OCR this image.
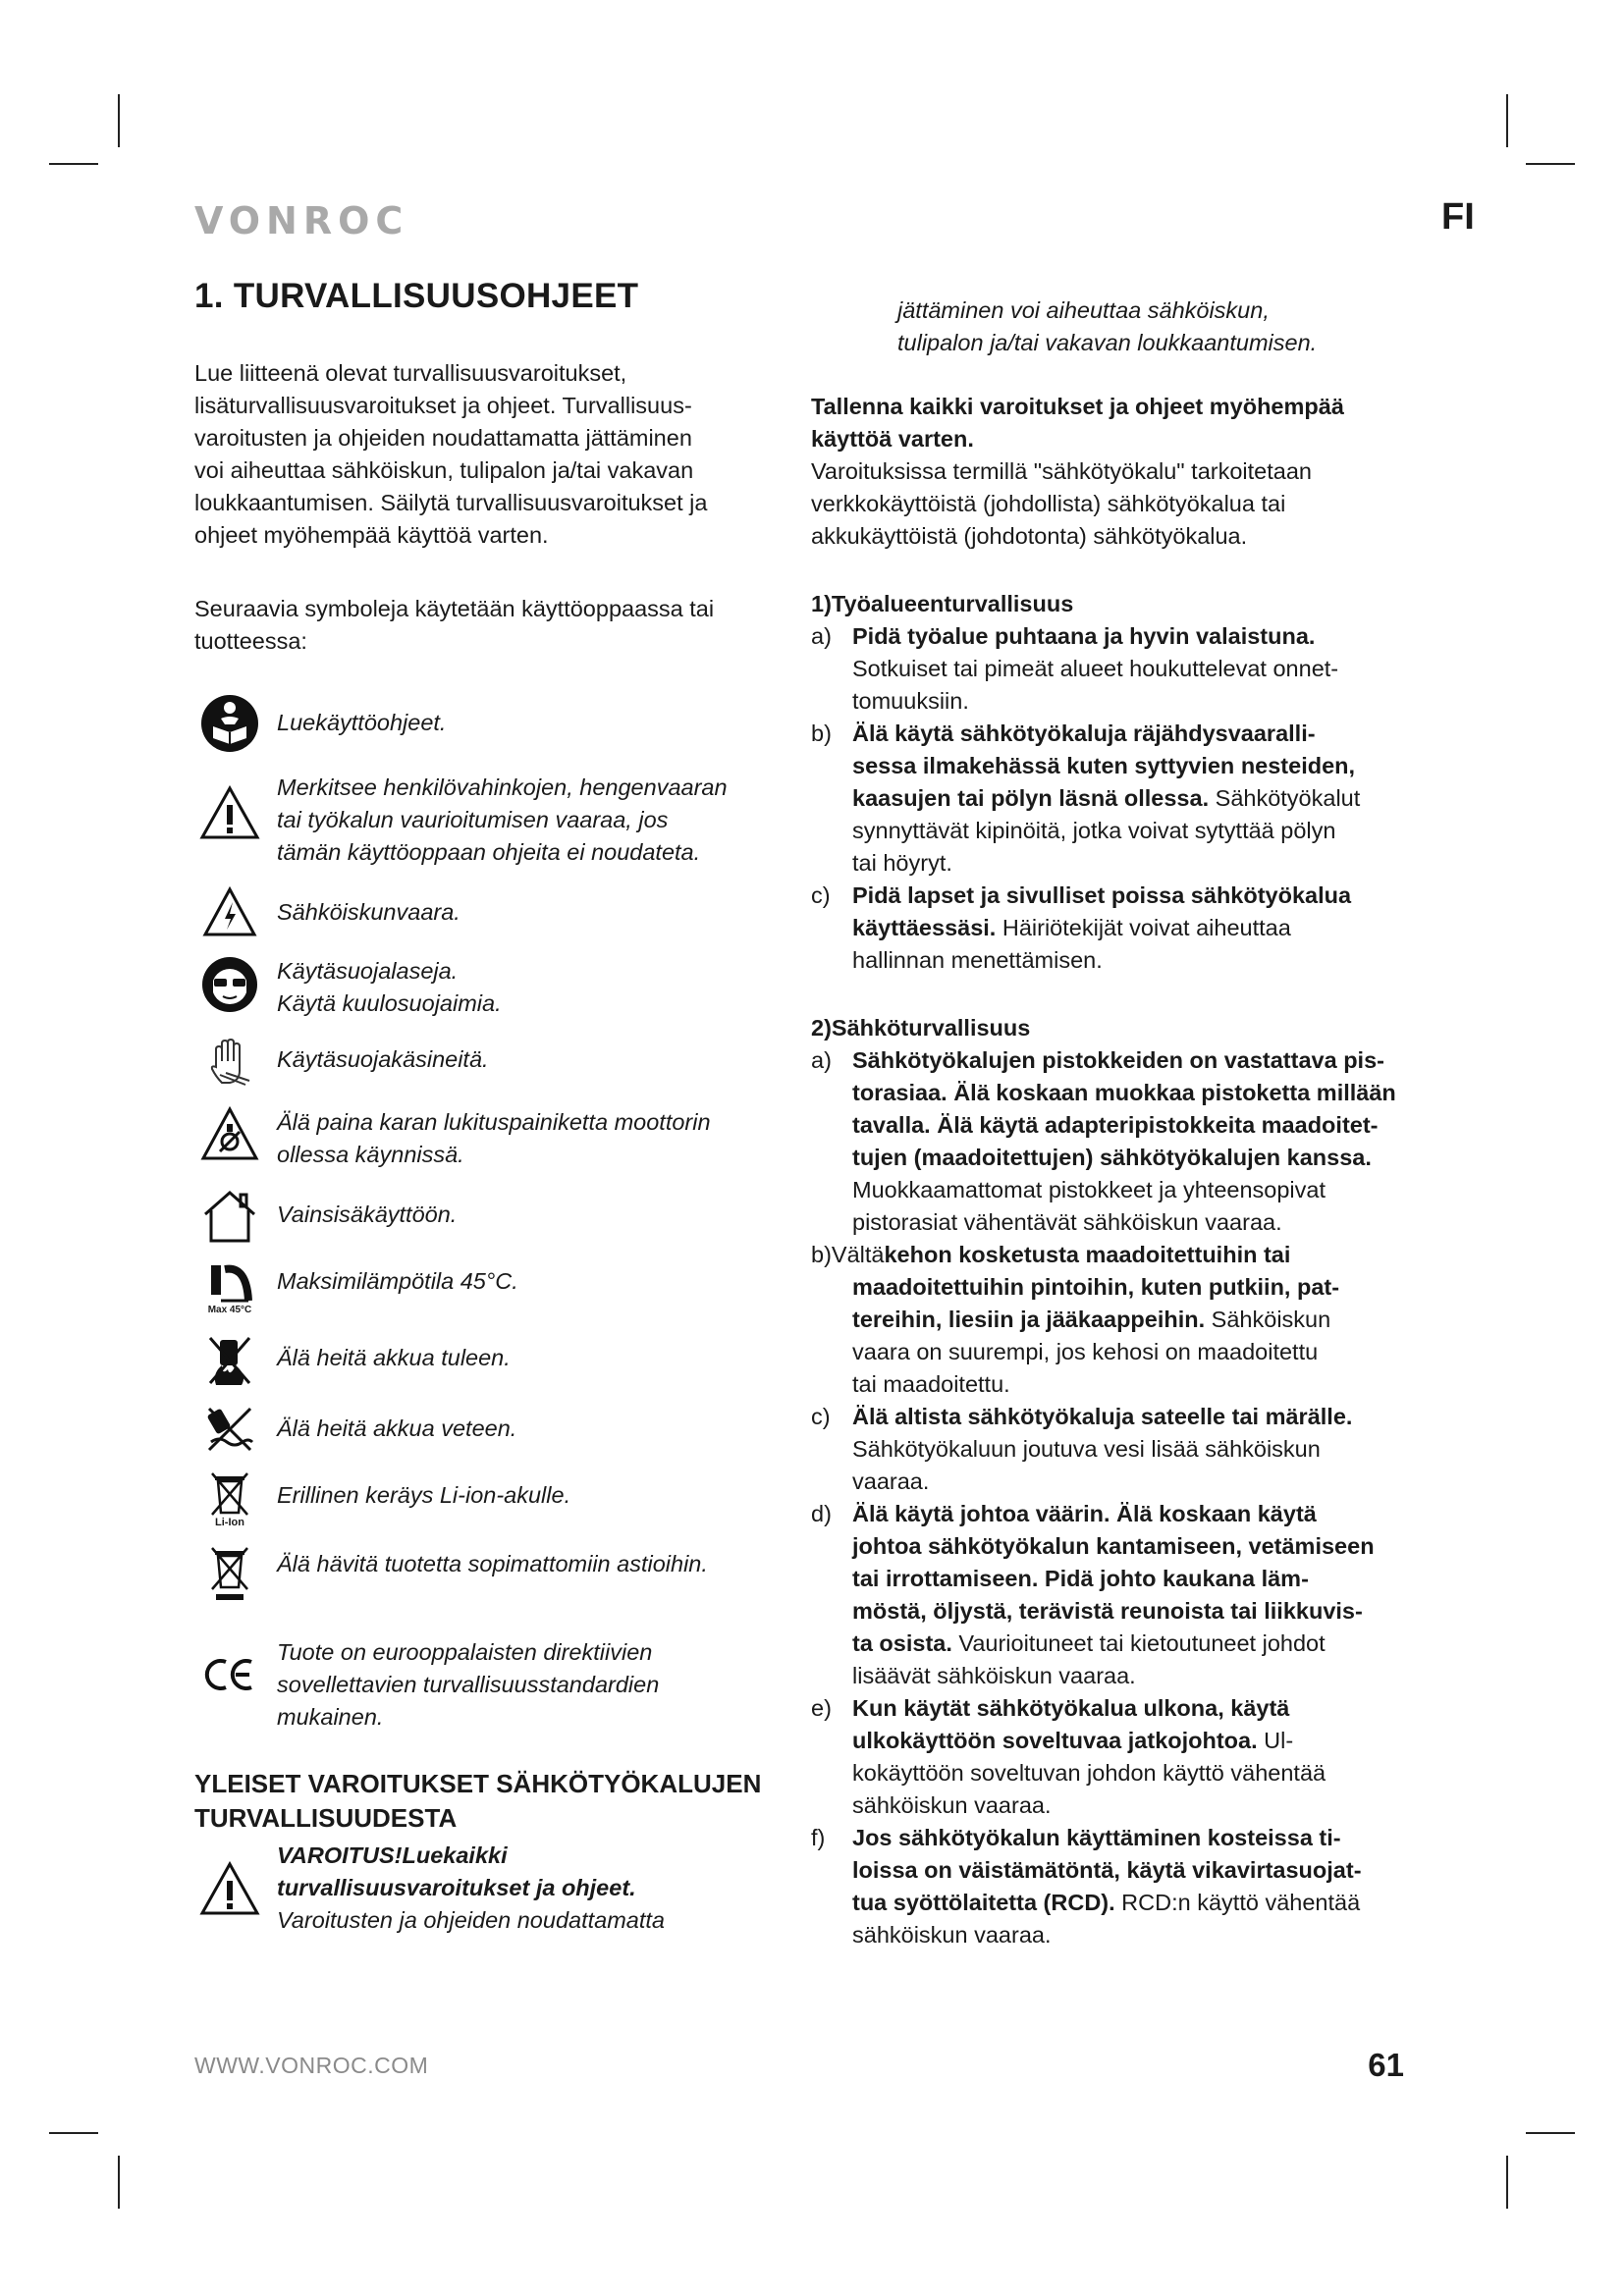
VONROC	FI
1. TURVALLISUUSOHJEET

Lue liitteenä olevat turvallisuusvaroitukset,
lisäturvallisuusvaroitukset ja ohjeet. Turvallisuus-
varoitusten ja ohjeiden noudattamatta jättäminen
voi aiheuttaa sähköiskun, tulipalon ja/tai vakavan
loukkaantumisen. Säilytä turvallisuusvaroitukset ja
ohjeet myöhempää käyttöä varten.

Seuraavia symboleja käytetään käyttöoppaassa tai
tuotteessa:

Luekäyttöohjeet.
Merkitsee henkilövahinkojen, hengenvaaran
tai työkalun vaurioitumisen vaaraa, jos
tämän käyttöoppaan ohjeita ei noudateta.
Sähköiskunvaara.
Käytäsuojalaseja.
Käytä kuulosuojaimia.
Käytäsuojakäsineitä.
Älä paina karan lukituspainiketta moottorin
ollessa käynnissä.
Vainsisäkäyttöön.
Max 45°C
Maksimilämpötila 45°C.
Älä heitä akkua tuleen.
Älä heitä akkua veteen.
Li-Ion
Erillinen keräys Li-ion-akulle.
Älä hävitä tuotetta sopimattomiin astioihin.
Tuote on eurooppalaisten direktiivien
sovellettavien turvallisuusstandardien
mukainen.
YLEISET VAROITUKSET SÄHKÖTYÖKALUJEN
TURVALLISUUDESTA
VAROITUS!Luekaikki
turvallisuusvaroitukset ja ohjeet.
Varoitusten ja ohjeiden noudattamatta
jättäminen voi aiheuttaa sähköiskun,
tulipalon ja/tai vakavan loukkaantumisen.
Tallenna kaikki varoitukset ja ohjeet myöhempää
käyttöä varten.

Varoituksissa termillä "sähkötyökalu" tarkoitetaan
verkkokäyttöistä (johdollista) sähkötyökalua tai
akkukäyttöistä (johdotonta) sähkötyökalua.

1)Työalueenturvallisuus
a) Pidä työalue puhtaana ja hyvin valaistuna.
Sotkuiset tai pimeät alueet houkuttelevat onnet-
tomuuksiin.
b) Älä käytä sähkötyökaluja räjähdysvaaralli-
sessa ilmakehässä kuten syttyvien nesteiden,
kaasujen tai pölyn läsnä ollessa. Sähkötyökalut
synnyttävät kipinöitä, jotka voivat sytyttää pölyn
tai höyryt.
c) Pidä lapset ja sivulliset poissa sähkötyökalua
käyttäessäsi. Häiriötekijät voivat aiheuttaa
hallinnan menettämisen.
2)Sähköturvallisuus
a) Sähkötyökalujen pistokkeiden on vastattava pis-
torasiaa. Älä koskaan muokkaa pistoketta millään
tavalla. Älä käytä adapteripistokkeita maadoitet-
tujen (maadoitettujen) sähkötyökalujen kanssa.
Muokkaamattomat pistokkeet ja yhteensopivat
pistorasiat vähentävät sähköiskun vaaraa.
b)Vältäkehon kosketusta maadoitettuihin tai
maadoitettuihin pintoihin, kuten putkiin, pat-
tereihin, liesiin ja jääkaappeihin. Sähköiskun
vaara on suurempi, jos kehosi on maadoitettu
tai maadoitettu.
c) Älä altista sähkötyökaluja sateelle tai märälle.
Sähkötyökaluun joutuva vesi lisää sähköiskun
vaaraa.
d) Älä käytä johtoa väärin. Älä koskaan käytä
johtoa sähkötyökalun kantamiseen, vetämiseen
tai irrottamiseen. Pidä johto kaukana läm-
möstä, öljystä, terävistä reunoista tai liikkuvis-
ta osista. Vaurioituneet tai kietoutuneet johdot
lisäävät sähköiskun vaaraa.
e) Kun käytät sähkötyökalua ulkona, käytä
ulkokäyttöön soveltuvaa jatkojohtoa. Ul-
kokäyttöön soveltuvan johdon käyttö vähentää
sähköiskun vaaraa.
f)	Jos sähkötyökalun käyttäminen kosteissa ti-
loissa on väistämätöntä, käytä vikavirtasuojat-
tua syöttölaitetta (RCD). RCD:n käyttö vähentää
sähköiskun vaaraa.
WWW.VONROC.COM	61
